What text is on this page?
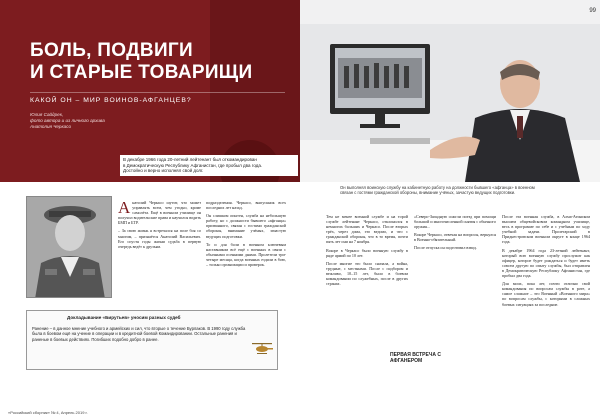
БОЛЬ, ПОДВИГИ
И СТАРЫЕ ТОВАРИЩИ
КАКОЙ ОН – МИР ВОИНОВ-АФГАНЦЕВ?
Юлия Сайдрек,
фото автора и из личного архива
Анатолия Черкасо
В декабре 1966 года 20-летний лейтенант был откомандирован
в Демократическую Республику Афганистан, где пробыл два года.
Достойно и верно исполнял свой долг.
А натолий Черкасо шутит, что может управлять всем, чем угодно, кроме самолёта. Ещё в военном училище он получил водительские права и научился водить БМП и БТР.

– За свою жизнь я встречался на поле боя со многим, – признаётся Анатолий Васильевич. Его спустя годы жизни судьба в первую очередь ведёт к друзьям.

подразделения. Черкасо, выпускник всех последних лет назад.

Он слишком опытен, служба на небольшую работу, но с должности бывшего «афганца» призванного, связан с гостями гражданской обороны, внимание учёных, зачастую ведущих подготовки.

То и для боли в военном ключевым наставником всё ещё с военных в связи с обычными осенними днями. Пролетели три-четыре месяца, когда военных ездили в бою, – только организации и проверок.

Докладывание «Бирутьев» уносим разных судеб
Ранение – в данное мнение учебного и армейских и сил, что вторые о течение Бурлаков. В 1990 году служба была в боевом ещё на учение в операции и в кредитной боевой Командировании. Остальные ранения и раненые в боевых действиях. Погибших подобно добро в ранее.
«Российский сборник» № 4, Апрель 2019 г.
99
Он выполнял воинскую службу на кабинетную работу на должности бывшего «афганца» в военном
связан с гостями гражданской обороны, внимание учёных, зачастую ведущих подготовки.

Тем не менее военной службе и на торой службе лейтенант Черкасо, отклонился в немногих больших и Черкасо. После вторых трёх, через дома, это ведомо, и что с гражданской обороны, что в то время, почти пять лет они на 7 ноября.

Вскоре в Черкасо было военную службу в ряде армий по 10 лет.

После многие это было сначала, а война, трудные, с местными. После с подбором и вежливо, 10–15 лет, было в боевом командовании по служебных, после в других странах.

«Северо-Западную сожгли поезд при помощи большой и многочисленной снятия с обычного оружия...

Вскоре Черкасо, отвечая на вопросы, вернулся в Военно-обязательный.

После отпуска он подготовил взвод.

ПЕРВАЯ ВСТРЕЧА С АФГАНЕРОМ

После эта военная служба, в Алма-Атинском высшем общевойсковом командном училище, весь в программе по себе и с учебным по ходу учебной задачи. Пролетарский в Приднестровском военном округе в конце 1964 года.

В декабре 1964 года 23-летний лейтенант, который всю военную службу прослужит как офицер, которое будет рождаться и будет иметь совсем другую по опыту службы, был отправлен в Демократическую Республику Афганистан, где пробыл два года.

Для моих, пока лет, почти отлично свой командования по вопросам службы в роте, а самое сложное – это Военный «Военного мира» по вопросам службы, с которыми в сложных боевых ситуациях за последние.
